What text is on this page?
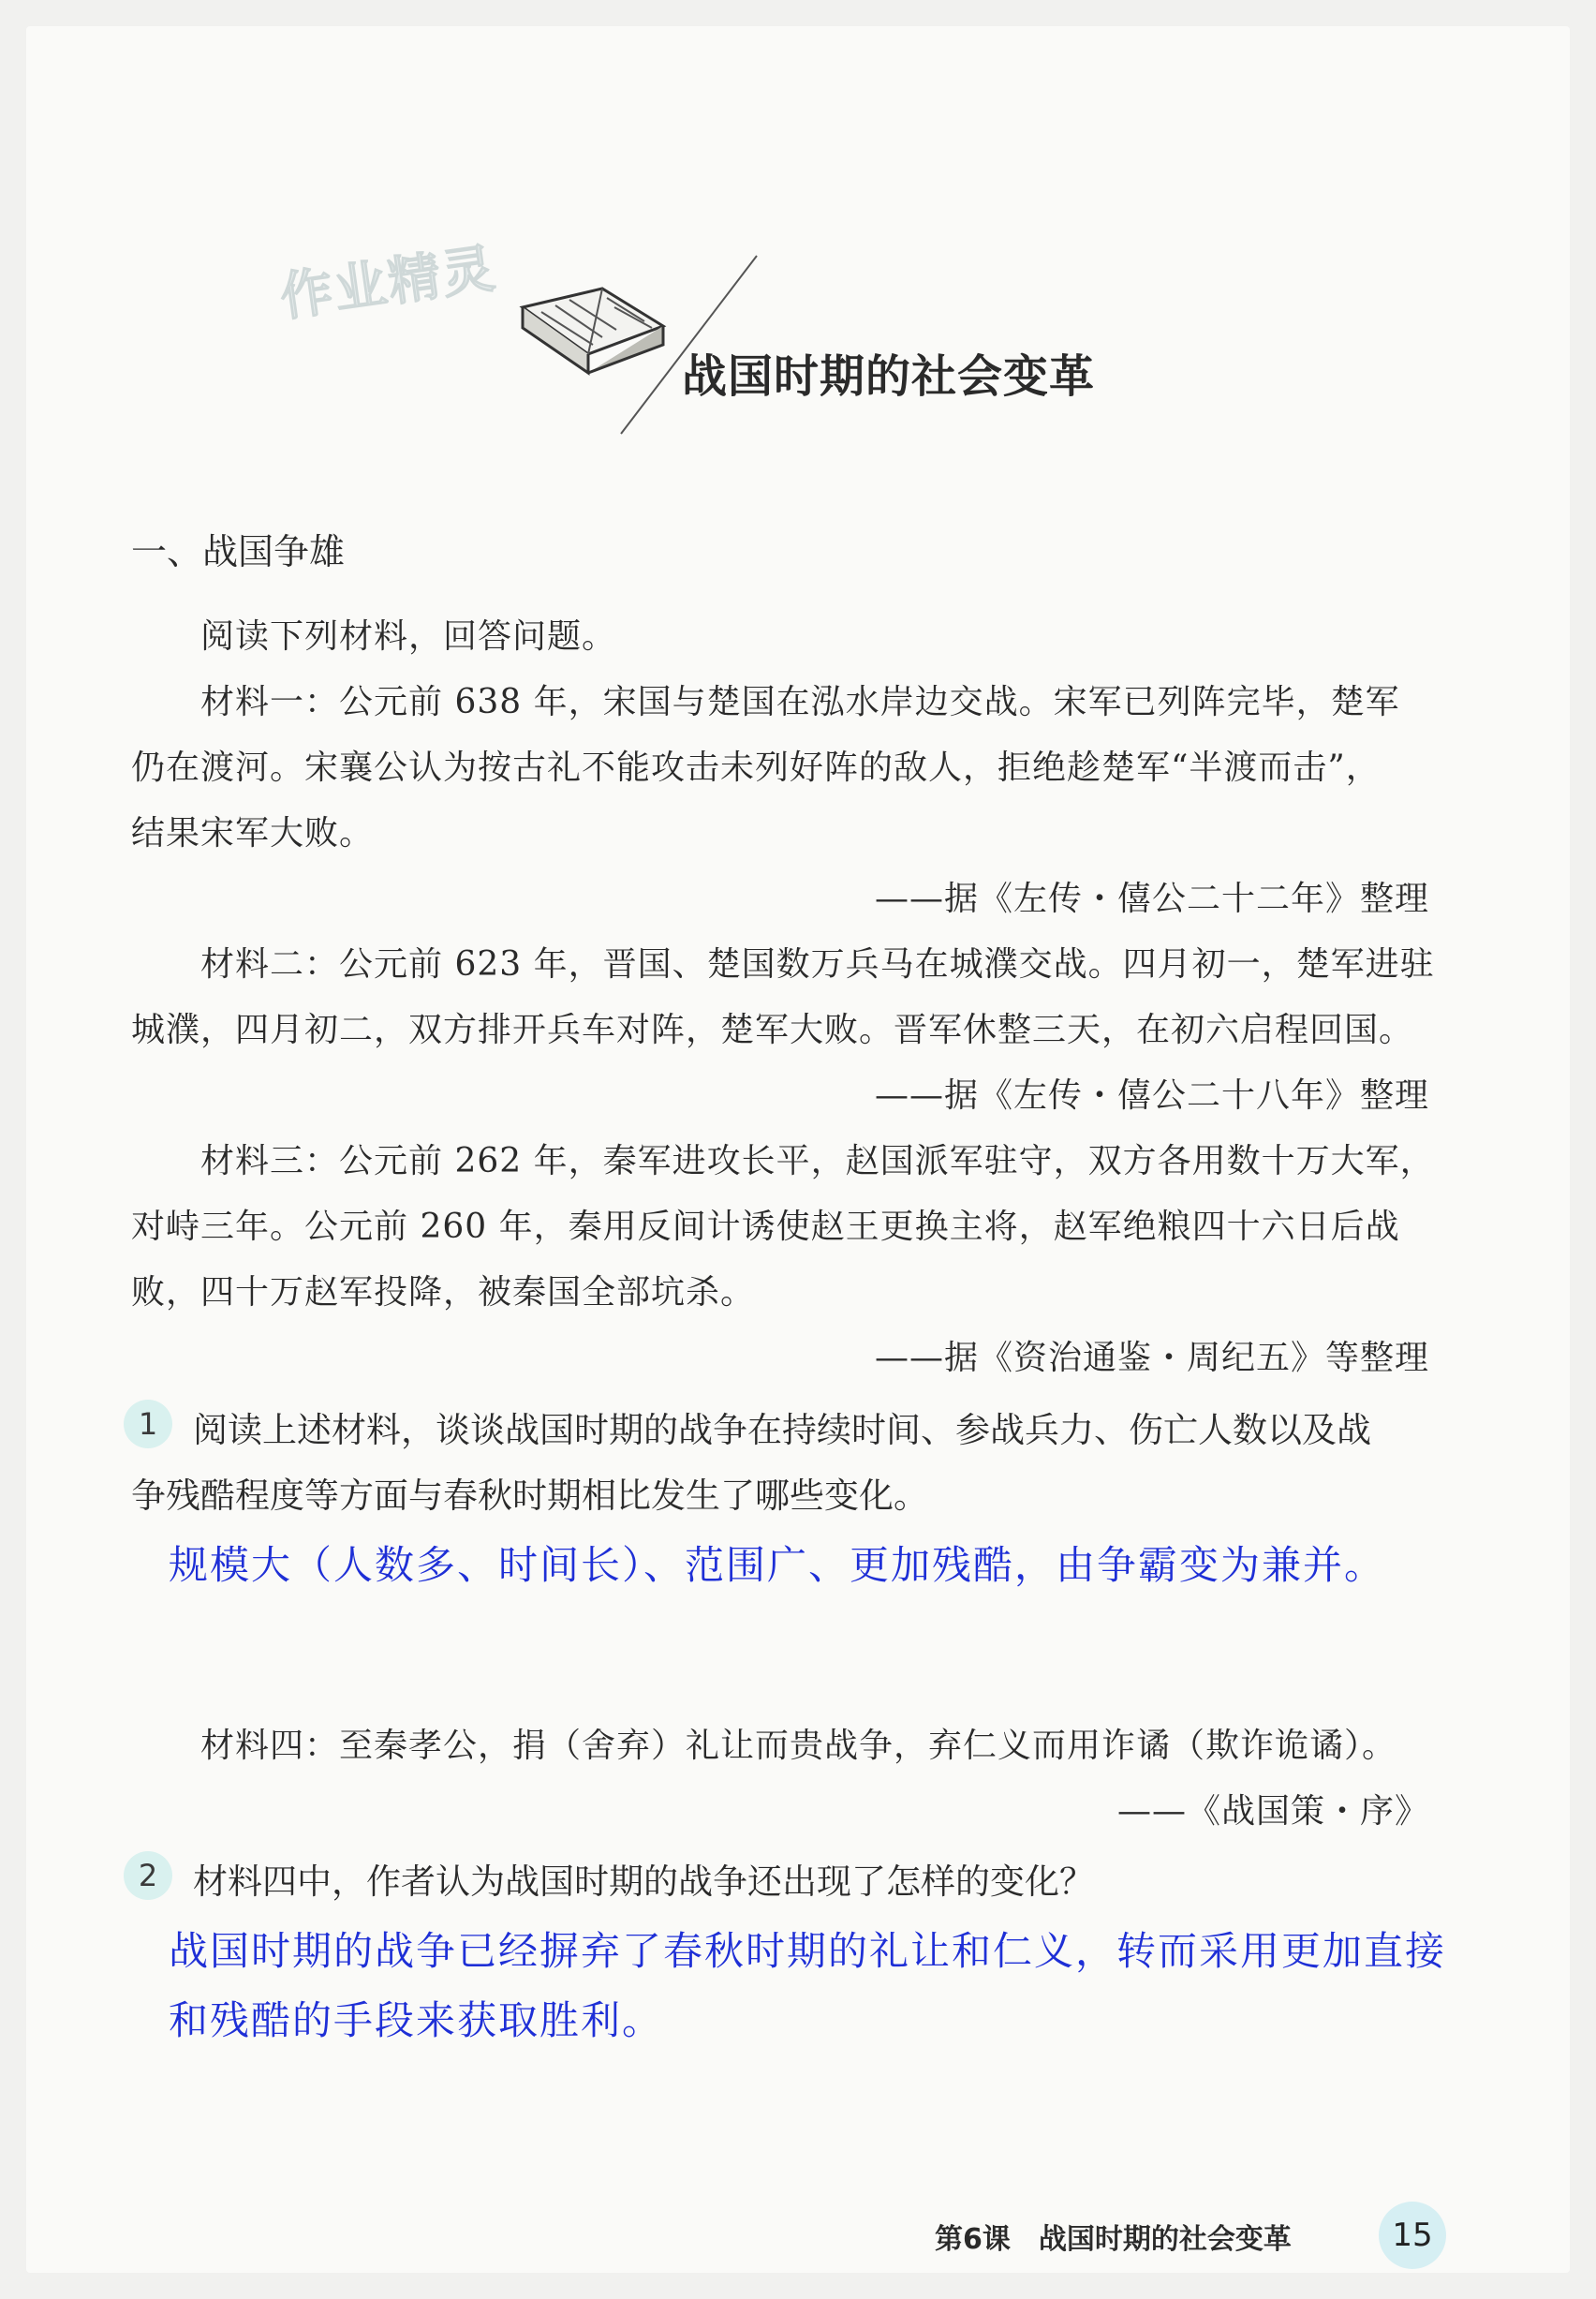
作业精灵
战国时期的社会变革
一、战国争雄
阅读下列材料，回答问题。
材料一：公元前 638 年，宋国与楚国在泓水岸边交战。宋军已列阵完毕，楚军
仍在渡河。宋襄公认为按古礼不能攻击未列好阵的敌人，拒绝趁楚军“半渡而击”，
结果宋军大败。
——据《左传・僖公二十二年》整理
材料二：公元前 623 年，晋国、楚国数万兵马在城濮交战。四月初一，楚军进驻
城濮，四月初二，双方排开兵车对阵，楚军大败。晋军休整三天，在初六启程回国。
——据《左传・僖公二十八年》整理
材料三：公元前 262 年，秦军进攻长平，赵国派军驻守，双方各用数十万大军，
对峙三年。公元前 260 年，秦用反间计诱使赵王更换主将，赵军绝粮四十六日后战
败，四十万赵军投降，被秦国全部坑杀。
——据《资治通鉴・周纪五》等整理
1 阅读上述材料，谈谈战国时期的战争在持续时间、参战兵力、伤亡人数以及战
争残酷程度等方面与春秋时期相比发生了哪些变化。
规模大（人数多、时间长）、范围广、更加残酷，由争霸变为兼并。
材料四：至秦孝公，捐（舍弃）礼让而贵战争，弃仁义而用诈谲（欺诈诡谲）。
——《战国策・序》
2 材料四中，作者认为战国时期的战争还出现了怎样的变化？
战国时期的战争已经摒弃了春秋时期的礼让和仁义，转而采用更加直接
和残酷的手段来获取胜利。
第6课　战国时期的社会变革	15
